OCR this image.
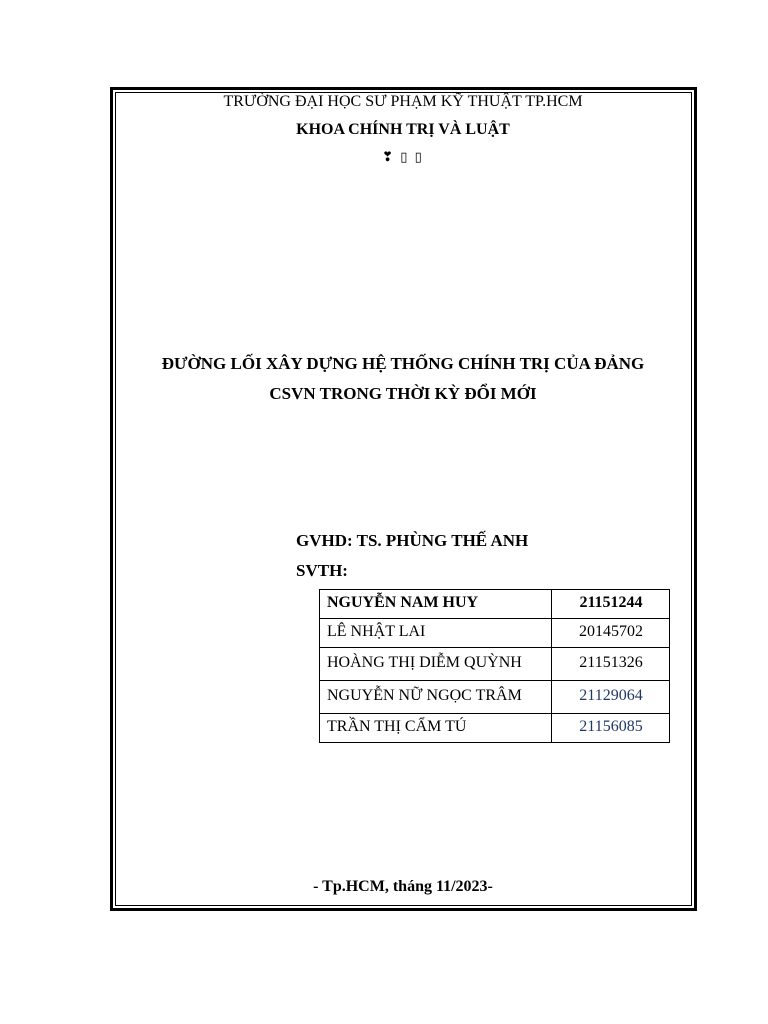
TRƯỜNG ĐẠI HỌC SƯ PHẠM KỸ THUẬT TP.HCM
KHOA CHÍNH TRỊ VÀ LUẬT
❣ ▯ ▯
ĐƯỜNG LỐI XÂY DỰNG HỆ THỐNG CHÍNH TRỊ CỦA ĐẢNG
CSVN TRONG THỜI KỲ ĐỔI MỚI
GVHD: TS. PHÙNG THẾ ANH
SVTH:
NGUYỄN NAM HUY	21151244
LÊ NHẬT LAI	20145702
HOÀNG THỊ DIỄM QUỲNH	21151326
NGUYỄN NỮ NGỌC TRÂM	21129064
TRẦN THỊ CẨM TÚ	21156085
- Tp.HCM, tháng 11/2023-
